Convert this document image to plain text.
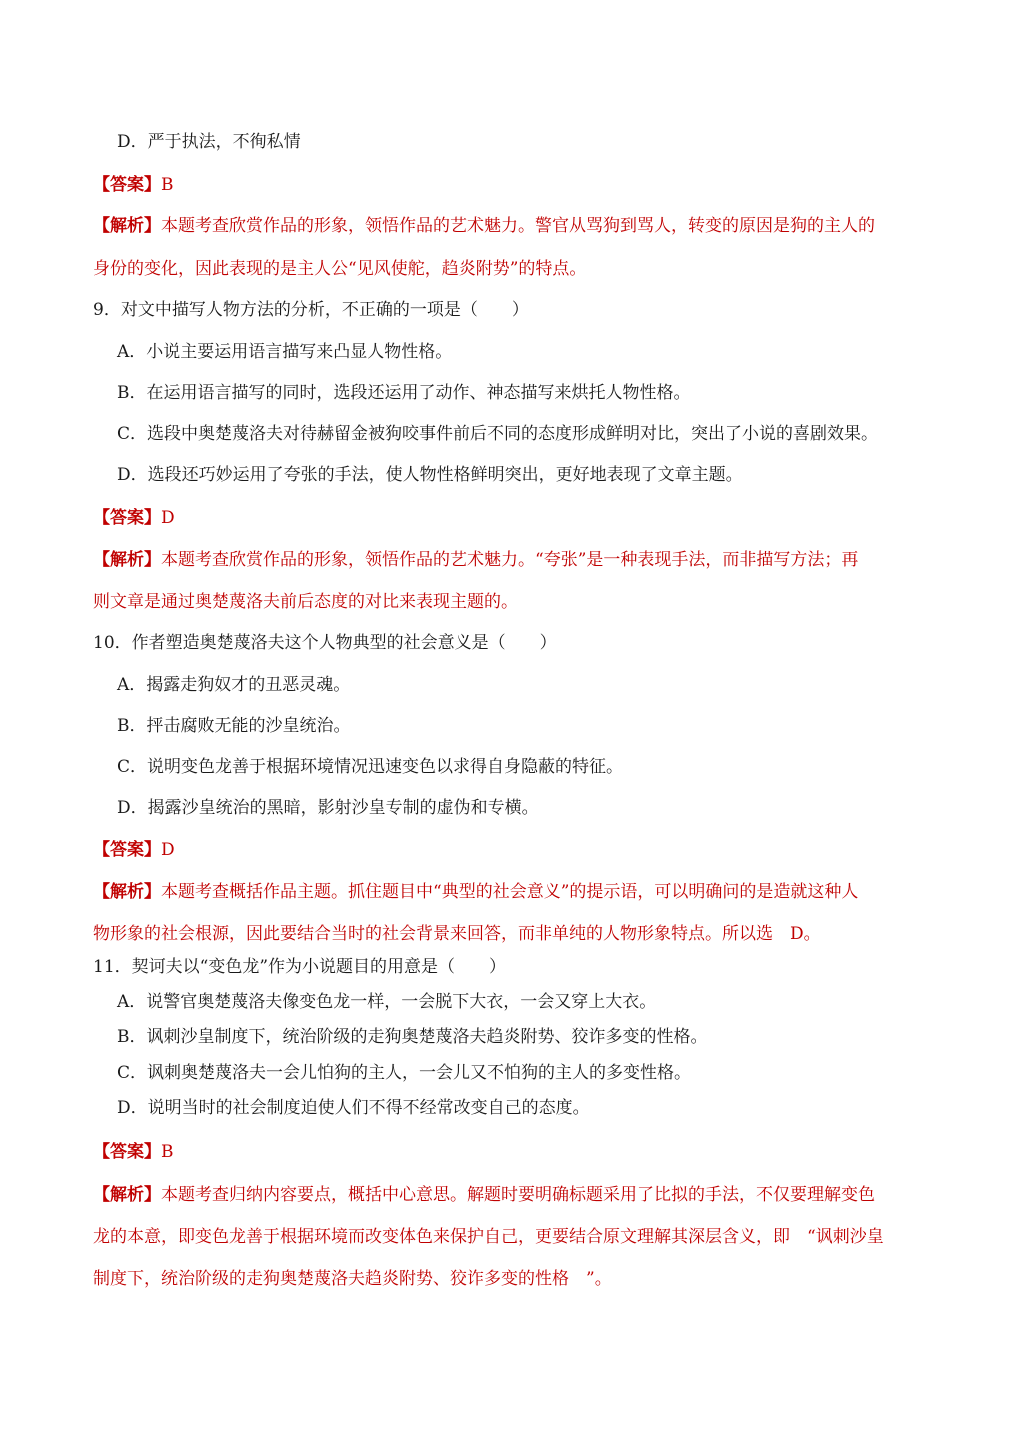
D．严于执法，不徇私情
【答案】B
【解析】本题考查欣赏作品的形象，领悟作品的艺术魅力。警官从骂狗到骂人，转变的原因是狗的主人的
身份的变化，因此表现的是主人公“见风使舵，趋炎附势”的特点。
9．对文中描写人物方法的分析，不正确的一项是（　　）
A．小说主要运用语言描写来凸显人物性格。
B．在运用语言描写的同时，选段还运用了动作、神态描写来烘托人物性格。
C．选段中奥楚蔑洛夫对待赫留金被狗咬事件前后不同的态度形成鲜明对比，突出了小说的喜剧效果。
D．选段还巧妙运用了夸张的手法，使人物性格鲜明突出，更好地表现了文章主题。
【答案】D
【解析】本题考查欣赏作品的形象，领悟作品的艺术魅力。“夸张”是一种表现手法，而非描写方法；再
则文章是通过奥楚蔑洛夫前后态度的对比来表现主题的。
10．作者塑造奥楚蔑洛夫这个人物典型的社会意义是（　　）
A．揭露走狗奴才的丑恶灵魂。
B．抨击腐败无能的沙皇统治。
C．说明变色龙善于根据环境情况迅速变色以求得自身隐蔽的特征。
D．揭露沙皇统治的黑暗，影射沙皇专制的虚伪和专横。
【答案】D
【解析】本题考查概括作品主题。抓住题目中“典型的社会意义”的提示语，可以明确问的是造就这种人
物形象的社会根源，因此要结合当时的社会背景来回答，而非单纯的人物形象特点。所以选　D。
11．契诃夫以“变色龙”作为小说题目的用意是（　　）
A．说警官奥楚蔑洛夫像变色龙一样，一会脱下大衣，一会又穿上大衣。
B．讽刺沙皇制度下，统治阶级的走狗奥楚蔑洛夫趋炎附势、狡诈多变的性格。
C．讽刺奥楚蔑洛夫一会儿怕狗的主人，一会儿又不怕狗的主人的多变性格。
D．说明当时的社会制度迫使人们不得不经常改变自己的态度。
【答案】B
【解析】本题考查归纳内容要点，概括中心意思。解题时要明确标题采用了比拟的手法，不仅要理解变色
龙的本意，即变色龙善于根据环境而改变体色来保护自己，更要结合原文理解其深层含义，即　“讽刺沙皇
制度下，统治阶级的走狗奥楚蔑洛夫趋炎附势、狡诈多变的性格　”。
